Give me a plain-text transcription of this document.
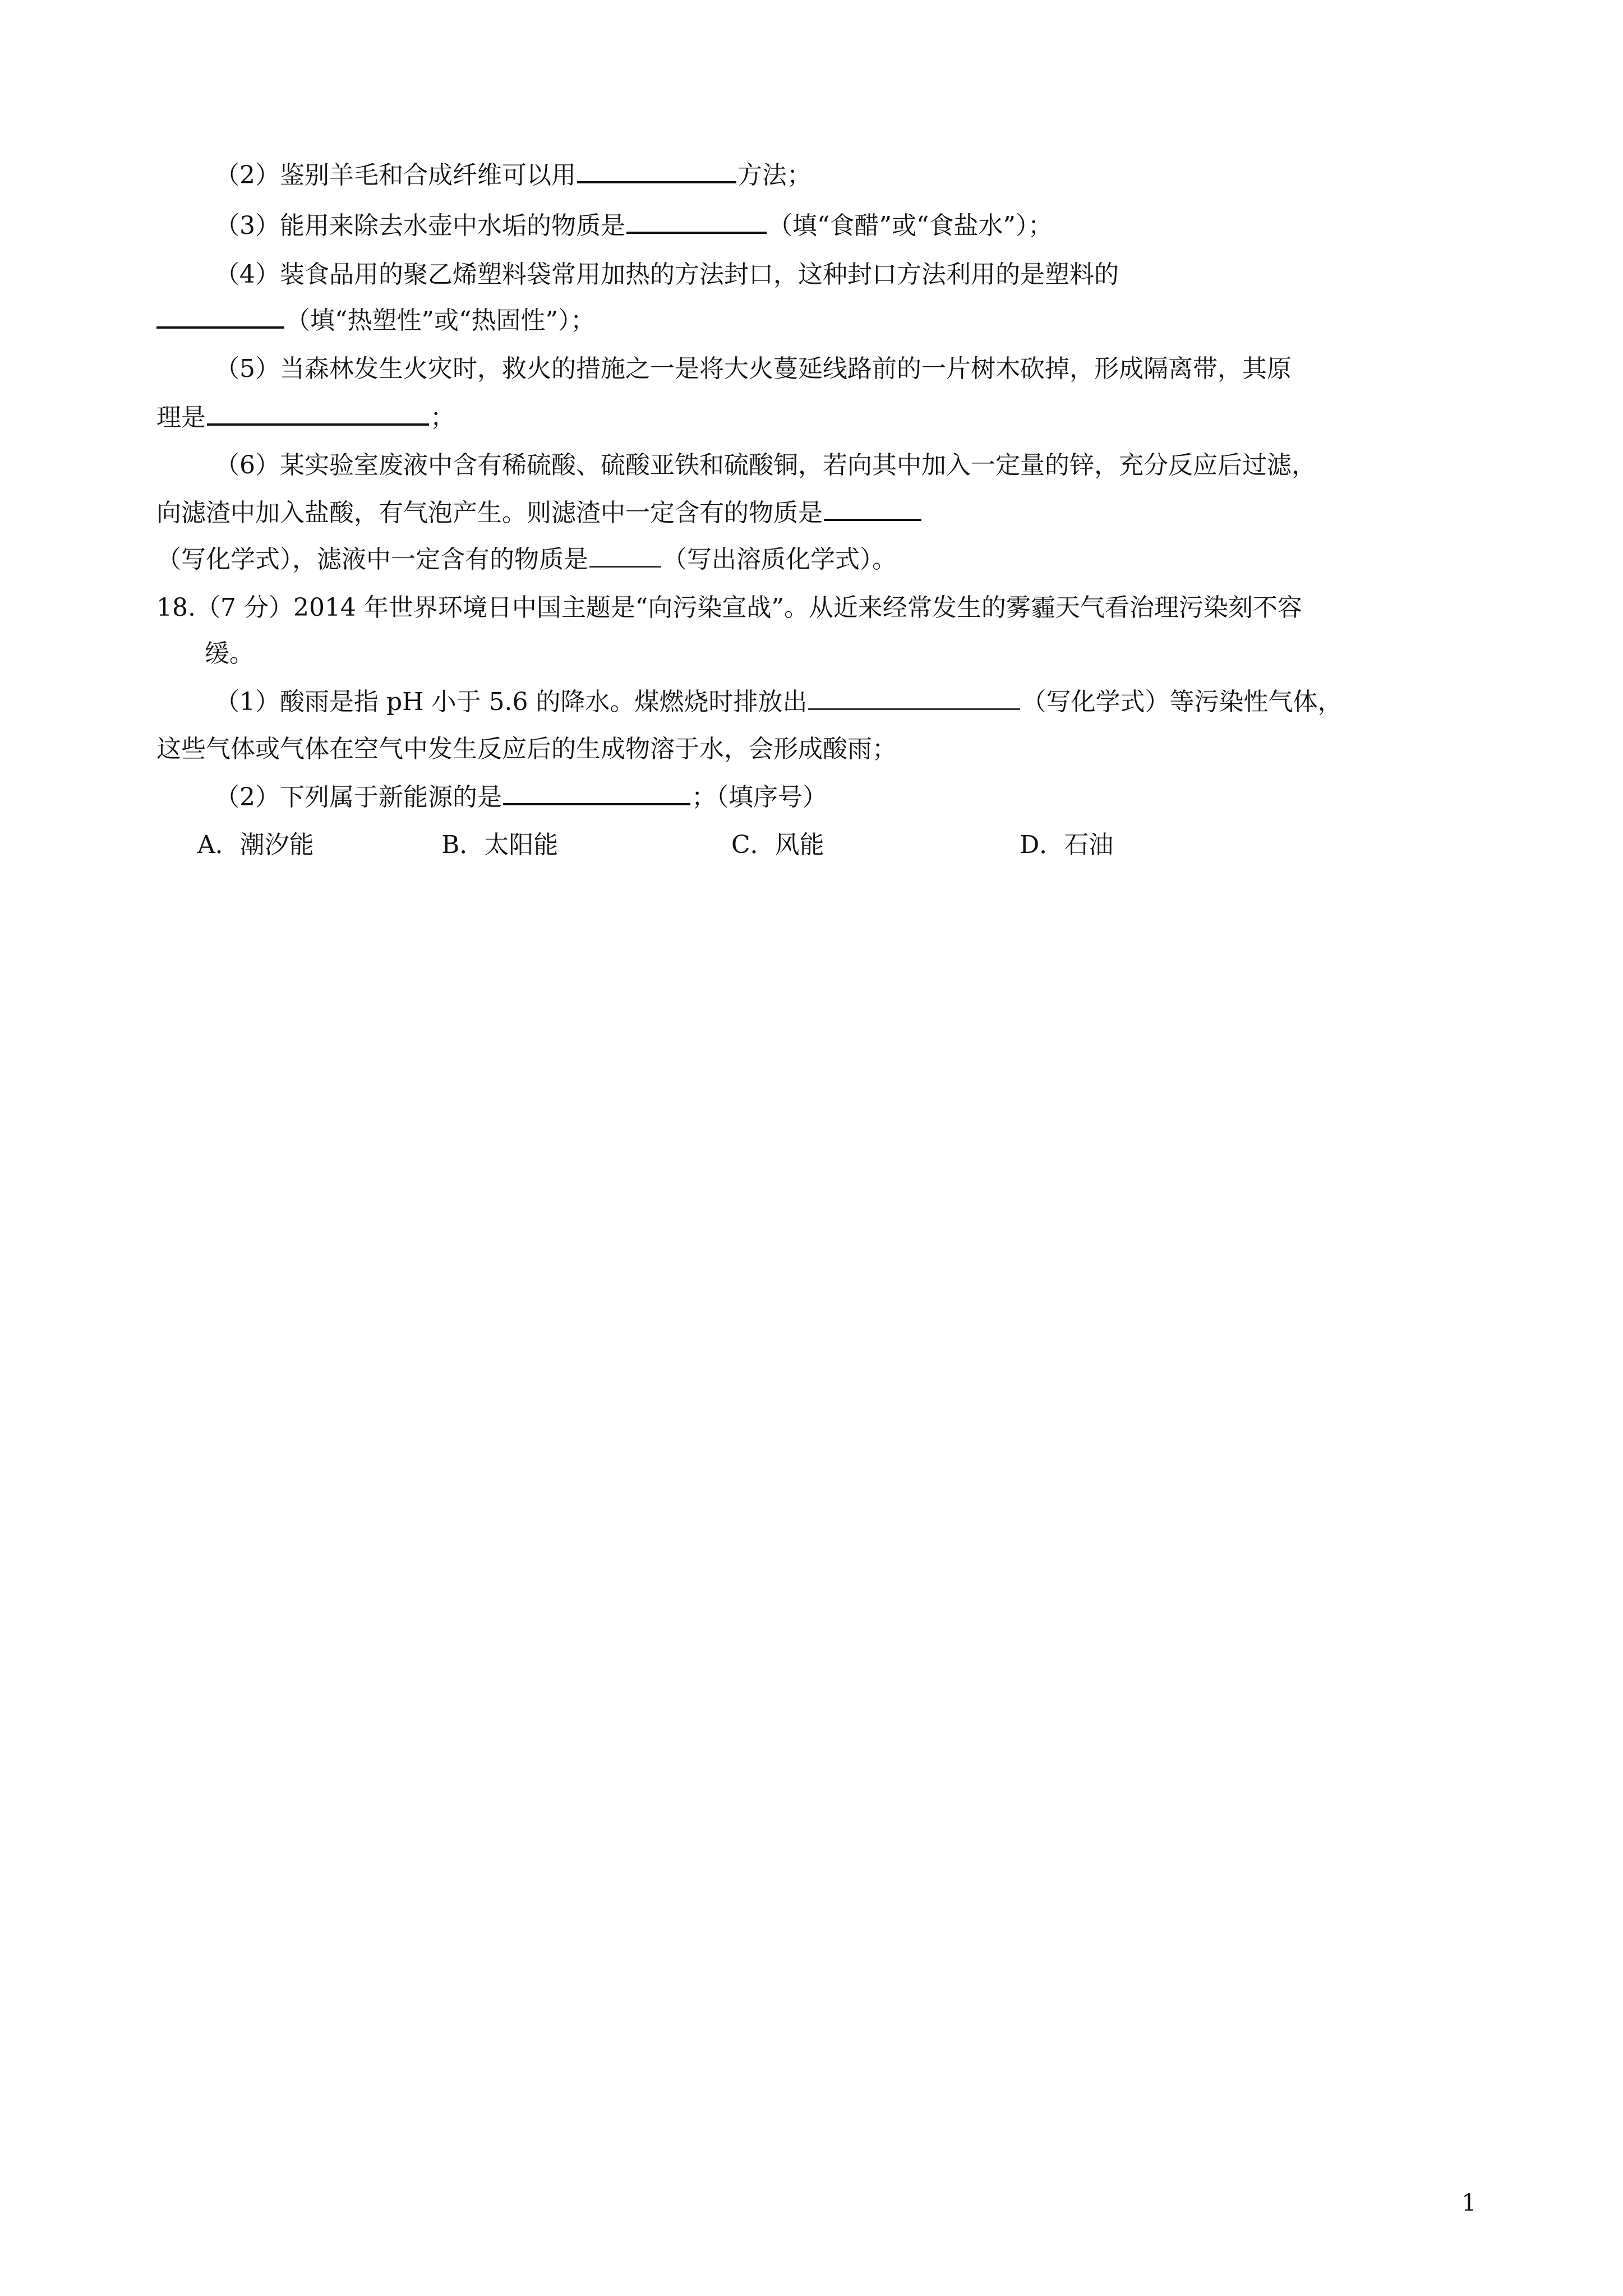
（2）鉴别羊毛和合成纤维可以用	方法；
（3）能用来除去水壶中水垢的物质是	（填“食醋”或“食盐水”）；
（4）装食品用的聚乙烯塑料袋常用加热的方法封口，这种封口方法利用的是塑料的
（填“热塑性”或“热固性”）；
（5）当森林发生火灾时，救火的措施之一是将大火蔓延线路前的一片树木砍掉，形成隔离带，其原
理是	；
（6）某实验室废液中含有稀硫酸、硫酸亚铁和硫酸铜，若向其中加入一定量的锌，充分反应后过滤，
向滤渣中加入盐酸，有气泡产生。则滤渣中一定含有的物质是
（写化学式），滤液中一定含有的物质是	（写出溶质化学式）。
18.（7 分）2014 年世界环境日中国主题是“向污染宣战”。从近来经常发生的雾霾天气看治理污染刻不容
缓。
（1）酸雨是指 pH 小于 5.6 的降水。煤燃烧时排放出	（写化学式）等污染性气体，
这些气体或气体在空气中发生反应后的生成物溶于水，会形成酸雨；
（2）下列属于新能源的是	；（填序号）
A．潮汐能	B．太阳能	C．风能	D．石油
1
